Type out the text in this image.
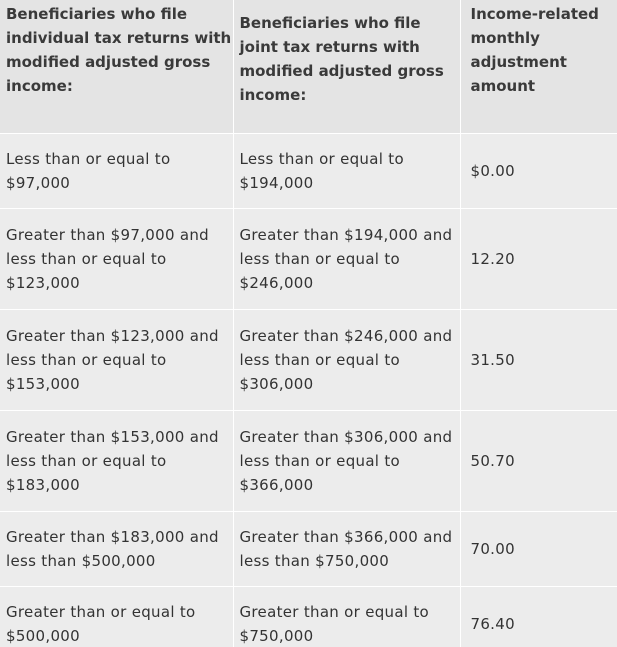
Beneficiaries who file individual tax returns with modified adjusted gross income:	Beneficiaries who file joint tax returns with modified adjusted gross income:	Income-related monthly adjustment amount
Less than or equal to $97,000	Less than or equal to $194,000	$0.00
Greater than $97,000 and less than or equal to $123,000	Greater than $194,000 and less than or equal to $246,000	12.20
Greater than $123,000 and less than or equal to $153,000	Greater than $246,000 and less than or equal to $306,000	31.50
Greater than $153,000 and less than or equal to $183,000	Greater than $306,000 and less than or equal to $366,000	50.70
Greater than $183,000 and less than $500,000	Greater than $366,000 and less than $750,000	70.00
Greater than or equal to $500,000	Greater than or equal to $750,000	76.40
